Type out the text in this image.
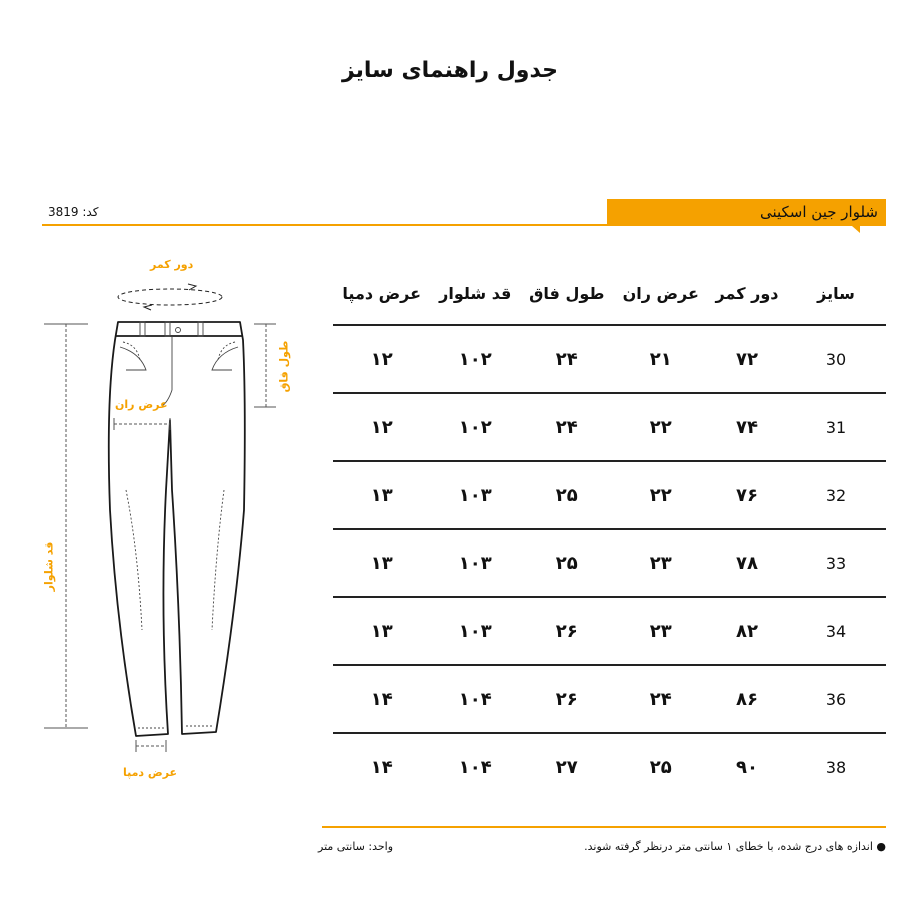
جدول راهنمای سایز
کد: 3819	شلوار جین اسکینی
دور کمر
طول فاق
عرض ران
قد شلوار
عرض دمپا
سایز	دور کمر	عرض ران	طول فاق	قد شلوار	عرض دمپا
30	۷۲	۲۱	۲۴	۱۰۲	۱۲
31	۷۴	۲۲	۲۴	۱۰۲	۱۲
32	۷۶	۲۲	۲۵	۱۰۳	۱۳
33	۷۸	۲۳	۲۵	۱۰۳	۱۳
34	۸۲	۲۳	۲۶	۱۰۳	۱۳
36	۸۶	۲۴	۲۶	۱۰۴	۱۴
38	۹۰	۲۵	۲۷	۱۰۴	۱۴
● اندازه های درج شده، با خطای ۱ سانتی متر درنظر گرفته شوند.
واحد: سانتی متر
